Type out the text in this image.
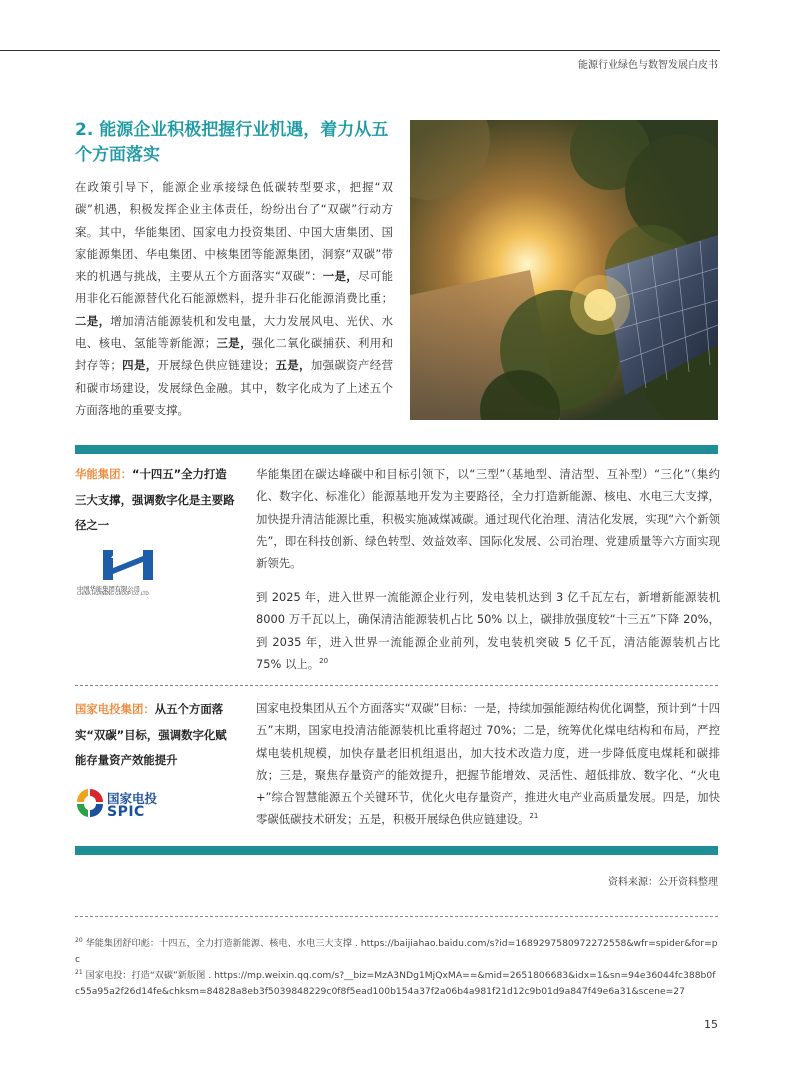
能源行业绿色与数智发展白皮书
2. 能源企业积极把握行业机遇，着力从五个方面落实

在政策引导下，能源企业承接绿色低碳转型要求，把握“双碳”机遇，积极发挥企业主体责任，纷纷出台了“双碳”行动方案。其中，华能集团、国家电力投资集团、中国大唐集团、国家能源集团、华电集团、中核集团等能源集团，洞察“双碳”带来的机遇与挑战，主要从五个方面落实“双碳”：一是，尽可能用非化石能源替代化石能源燃料，提升非石化能源消费比重；二是，增加清洁能源装机和发电量，大力发展风电、光伏、水电、核电、氢能等新能源；三是，强化二氧化碳捕获、利用和封存等；四是，开展绿色供应链建设；五是，加强碳资产经营和碳市场建设，发展绿色金融。其中，数字化成为了上述五个方面落地的重要支撑。

华能集团：“十四五”全力打造三大支撑，强调数字化是主要路径之一

中国华能集团有限公司
CHINA HUANENG GROUP CO.,LTD.

华能集团在碳达峰碳中和目标引领下，以“三型”（基地型、清洁型、互补型）“三化”（集约化、数字化、标准化）能源基地开发为主要路径，全力打造新能源、核电、水电三大支撑，加快提升清洁能源比重，积极实施减煤减碳。通过现代化治理、清洁化发展，实现“六个新领先”，即在科技创新、绿色转型、效益效率、国际化发展、公司治理、党建质量等六方面实现新领先。

到 2025 年，进入世界一流能源企业行列，发电装机达到 3 亿千瓦左右，新增新能源装机 8000 万千瓦以上，确保清洁能源装机占比 50% 以上，碳排放强度较“十三五”下降 20%，到 2035 年，进入世界一流能源企业前列，发电装机突破 5 亿千瓦，清洁能源装机占比 75% 以上。$^{20}$

国家电投集团：从五个方面落实“双碳”目标，强调数字化赋能存量资产效能提升

国家电投
SPIC

国家电投集团从五个方面落实“双碳”目标：一是，持续加强能源结构优化调整，预计到“十四五”末期，国家电投清洁能源装机比重将超过 70%；二是，统筹优化煤电结构和布局，严控煤电装机规模，加快存量老旧机组退出，加大技术改造力度，进一步降低度电煤耗和碳排放；三是，聚焦存量资产的能效提升，把握节能增效、灵活性、超低排放、数字化、“火电 +”综合智慧能源五个关键环节，优化火电存量资产，推进火电产业高质量发展。四是，加快零碳低碳技术研发；五是，积极开展绿色供应链建设。$^{21}$

资料来源：公开资料整理

$^{20}$ 华能集团舒印彪：十四五，全力打造新能源、核电、水电三大支撑 . https://baijiahao.baidu.com/s?id=1689297580972272558&wfr=spider&for=pc

$^{21}$ 国家电投：打造“双碳”新版图 . https://mp.weixin.qq.com/s?__biz=MzA3NDg1MjQxMA==&mid=2651806683&idx=1&sn=94e36044fc388b0fc55a95a2f26d14fe&chksm=84828a8eb3f5039848229c0f8f5ead100b154a37f2a06b4a981f21d12c9b01d9a847f49e6a31&scene=27

15
